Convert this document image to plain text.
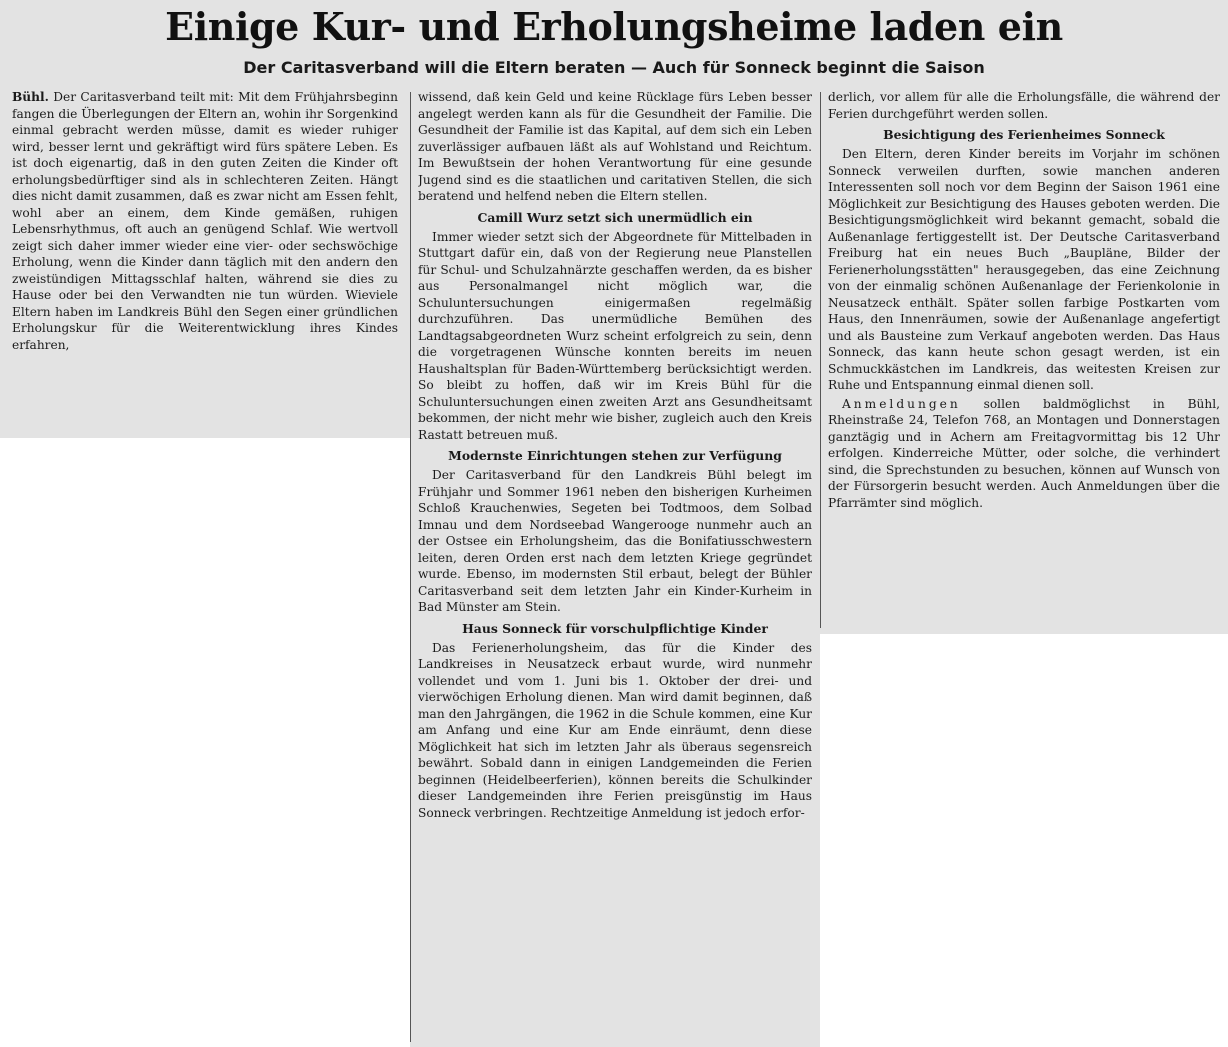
Einige Kur- und Erholungsheime laden ein
Der Caritasverband will die Eltern beraten — Auch für Sonneck beginnt die Saison

Bühl. Der Caritasverband teilt mit: Mit dem Frühjahrsbeginn fangen die Überlegungen der Eltern an, wohin ihr Sorgenkind einmal gebracht werden müsse, damit es wieder ruhiger wird, besser lernt und gekräftigt wird fürs spätere Leben. Es ist doch eigenartig, daß in den guten Zeiten die Kinder oft erholungsbedürftiger sind als in schlechteren Zeiten. Hängt dies nicht damit zusammen, daß es zwar nicht am Essen fehlt, wohl aber an einem, dem Kinde gemäßen, ruhigen Lebensrhythmus, oft auch an genügend Schlaf. Wie wertvoll zeigt sich daher immer wieder eine vier- oder sechswöchige Erholung, wenn die Kinder dann täglich mit den andern den zweistündigen Mittagsschlaf halten, während sie dies zu Hause oder bei den Verwandten nie tun würden. Wieviele Eltern haben im Landkreis Bühl den Segen einer gründlichen Erholungskur für die Weiterentwicklung ihres Kindes erfahren,

wissend, daß kein Geld und keine Rücklage fürs Leben besser angelegt werden kann als für die Gesundheit der Familie. Die Gesundheit der Familie ist das Kapital, auf dem sich ein Leben zuverlässiger aufbauen läßt als auf Wohlstand und Reichtum. Im Bewußtsein der hohen Verantwortung für eine gesunde Jugend sind es die staatlichen und caritativen Stellen, die sich beratend und helfend neben die Eltern stellen.

Camill Wurz setzt sich unermüdlich ein

Immer wieder setzt sich der Abgeordnete für Mittelbaden in Stuttgart dafür ein, daß von der Regierung neue Planstellen für Schul- und Schulzahnärzte geschaffen werden, da es bisher aus Personalmangel nicht möglich war, die Schuluntersuchungen einigermaßen regelmäßig durchzuführen. Das unermüdliche Bemühen des Landtagsabgeordneten Wurz scheint erfolgreich zu sein, denn die vorgetragenen Wünsche konnten bereits im neuen Haushaltsplan für Baden-Württemberg berücksichtigt werden. So bleibt zu hoffen, daß wir im Kreis Bühl für die Schuluntersuchungen einen zweiten Arzt ans Gesundheitsamt bekommen, der nicht mehr wie bisher, zugleich auch den Kreis Rastatt betreuen muß.

Modernste Einrichtungen stehen zur Verfügung

Der Caritasverband für den Landkreis Bühl belegt im Frühjahr und Sommer 1961 neben den bisherigen Kurheimen Schloß Krauchenwies, Segeten bei Todtmoos, dem Solbad Imnau und dem Nordseebad Wangerooge nunmehr auch an der Ostsee ein Erholungsheim, das die Bonifatiusschwestern leiten, deren Orden erst nach dem letzten Kriege gegründet wurde. Ebenso, im modernsten Stil erbaut, belegt der Bühler Caritasverband seit dem letzten Jahr ein Kinder-Kurheim in Bad Münster am Stein.

Haus Sonneck für vorschulpflichtige Kinder

Das Ferienerholungsheim, das für die Kinder des Landkreises in Neusatzeck erbaut wurde, wird nunmehr vollendet und vom 1. Juni bis 1. Oktober der drei- und vierwöchigen Erholung dienen. Man wird damit beginnen, daß man den Jahrgängen, die 1962 in die Schule kommen, eine Kur am Anfang und eine Kur am Ende einräumt, denn diese Möglichkeit hat sich im letzten Jahr als überaus segensreich bewährt. Sobald dann in einigen Landgemeinden die Ferien beginnen (Heidelbeerferien), können bereits die Schulkinder dieser Landgemeinden ihre Ferien preisgünstig im Haus Sonneck verbringen. Rechtzeitige Anmeldung ist jedoch erfor-

derlich, vor allem für alle die Erholungsfälle, die während der Ferien durchgeführt werden sollen.

Besichtigung des Ferienheimes Sonneck

Den Eltern, deren Kinder bereits im Vorjahr im schönen Sonneck verweilen durften, sowie manchen anderen Interessenten soll noch vor dem Beginn der Saison 1961 eine Möglichkeit zur Besichtigung des Hauses geboten werden. Die Besichtigungsmöglichkeit wird bekannt gemacht, sobald die Außenanlage fertiggestellt ist. Der Deutsche Caritasverband Freiburg hat ein neues Buch „Baupläne, Bilder der Ferienerholungsstätten" herausgegeben, das eine Zeichnung von der einmalig schönen Außenanlage der Ferienkolonie in Neusatzeck enthält. Später sollen farbige Postkarten vom Haus, den Innenräumen, sowie der Außenanlage angefertigt und als Bausteine zum Verkauf angeboten werden. Das Haus Sonneck, das kann heute schon gesagt werden, ist ein Schmuckkästchen im Landkreis, das weitesten Kreisen zur Ruhe und Entspannung einmal dienen soll.

Anmeldungen sollen baldmöglichst in Bühl, Rheinstraße 24, Telefon 768, an Montagen und Donnerstagen ganztägig und in Achern am Freitagvormittag bis 12 Uhr erfolgen. Kinderreiche Mütter, oder solche, die verhindert sind, die Sprechstunden zu besuchen, können auf Wunsch von der Fürsorgerin besucht werden. Auch Anmeldungen über die Pfarrämter sind möglich.
